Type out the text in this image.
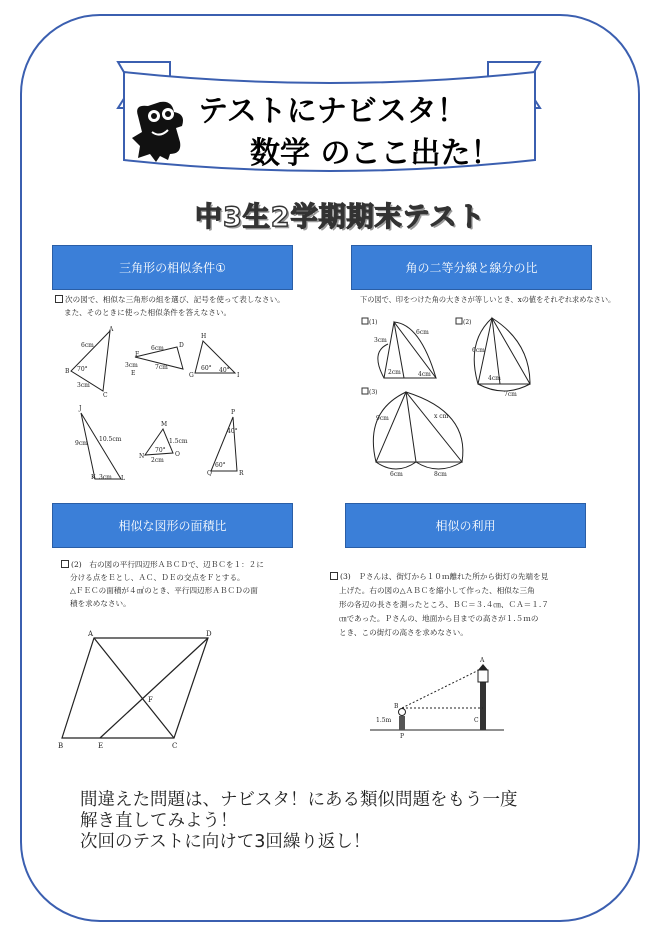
テストにナビスタ！
数学 のここ出た！
中3生2学期期末テスト
三角形の相似条件①
次の図で、相似な三角形の組を選び、記号を使って表しなさい。
また、そのときに使った相似条件を答えなさい。
A
B
C
6cm
3cm
70°
D
E
F
6cm
3cm	7cm
H
G	I
60° 40°
J
K	L
9cm
10.5cm
3cm
M
N	O
1.5cm
2cm
70°
P
Q	R
40°
60°
角の二等分線と線分の比
下の図で、印をつけた角の大きさが等しいとき、xの値をそれぞれ求めなさい。
(1)
3cm
6cm
2cm	4cm
(2)
6cm
4cm
7cm
(3)
9cm	x cm
6cm	8cm
相似な図形の面積比
(2)　右の図の平行四辺形ＡＢＣＤで、辺ＢＣを１：２に
分ける点をＥとし、ＡＣ、ＤＥの交点をＦとする。
△ＦＥＣの面積が４㎠のとき、平行四辺形ＡＢＣＤの面
積を求めなさい。
A	D
B	C
E
F
相似の利用
(3)　Ｐさんは、街灯から１０ｍ離れた所から街灯の先端を見
上げた。右の図の△ＡＢＣを縮小して作った、相似な三角
形の各辺の長さを測ったところ、ＢＣ＝３.４㎝、ＣＡ＝１.７
㎝であった。Ｐさんの、地面から目までの高さが１.５ｍの
とき、この街灯の高さを求めなさい。
A
B
C
P
1.5m
間違えた問題は、ナビスタ！にある類似問題をもう一度
解き直してみよう！
次回のテストに向けて3回繰り返し！
